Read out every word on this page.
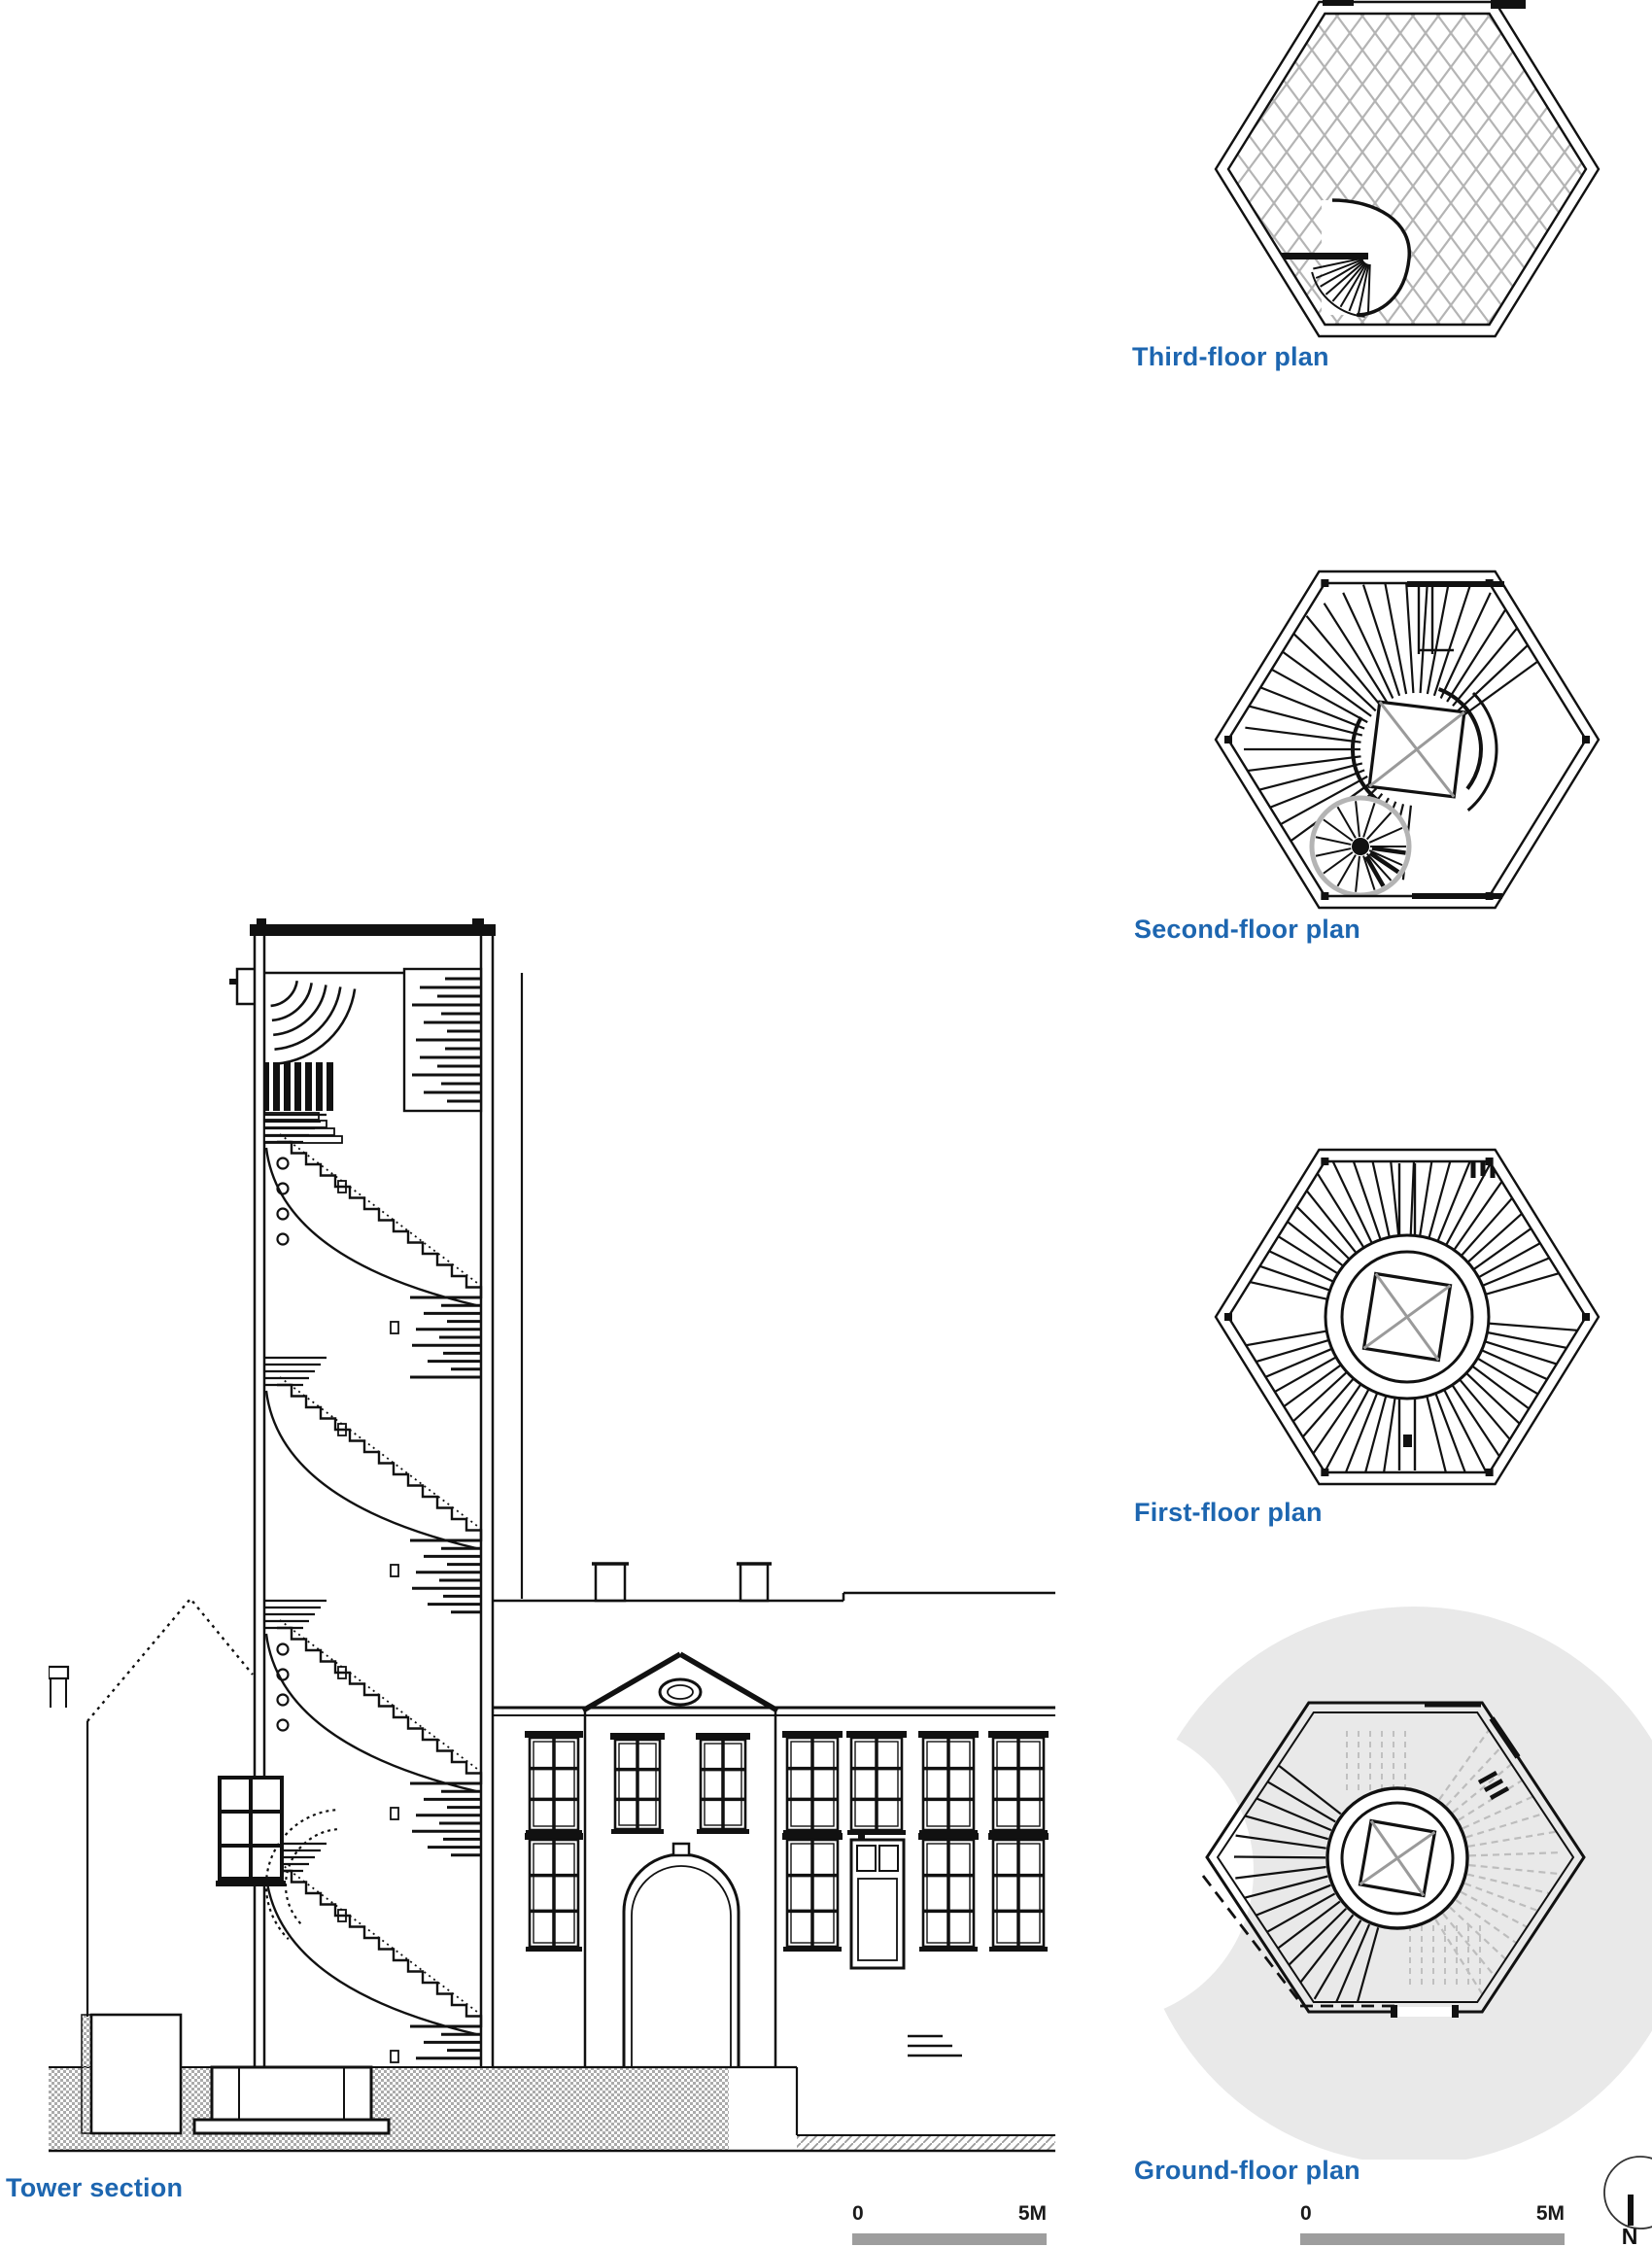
Tower section
Third-floor plan
Second-floor plan
First-floor plan
Ground-floor plan
0	5M	0	5M
N
